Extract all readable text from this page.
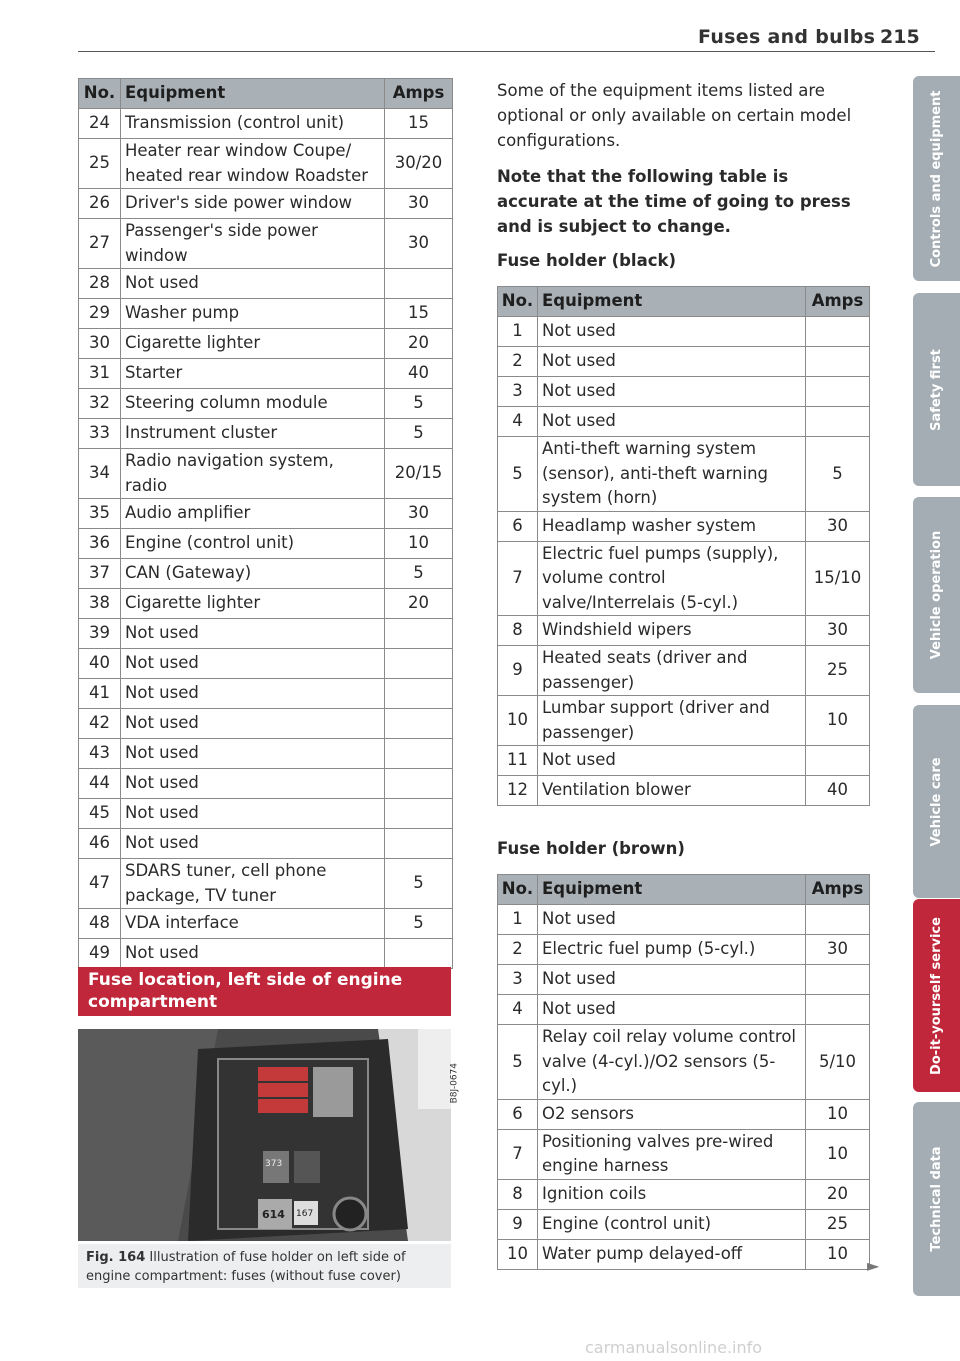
Fuses and bulbs 215
No.	Equipment	Amps
24	Transmission (control unit)	15
25	Heater rear window Coupe/ heated rear window Roadster	30/20
26	Driver's side power window	30
27	Passenger's side power window	30
28	Not used	
29	Washer pump	15
30	Cigarette lighter	20
31	Starter	40
32	Steering column module	5
33	Instrument cluster	5
34	Radio navigation system, radio	20/15
35	Audio amplifier	30
36	Engine (control unit)	10
37	CAN (Gateway)	5
38	Cigarette lighter	20
39	Not used	
40	Not used	
41	Not used	
42	Not used	
43	Not used	
44	Not used	
45	Not used	
46	Not used	
47	SDARS tuner, cell phone package, TV tuner	5
48	VDA interface	5
49	Not used	
Fuse location, left side of engine compartment
B8J-0674
373
614 167
Fig. 164 Illustration of fuse holder on left side of engine compartment: fuses (without fuse cover)
Some of the equipment items listed are optional or only available on certain model configurations.
Note that the following table is accurate at the time of going to press and is subject to change.
Fuse holder (black)
No.	Equipment	Amps
1	Not used	
2	Not used	
3	Not used	
4	Not used	
5	Anti-theft warning system (sensor), anti-theft warning system (horn)	5
6	Headlamp washer system	30
7	Electric fuel pumps (supply), volume control valve/Interrelais (5-cyl.)	15/10
8	Windshield wipers	30
9	Heated seats (driver and passenger)	25
10	Lumbar support (driver and passenger)	10
11	Not used	
12	Ventilation blower	40
Fuse holder (brown)
No.	Equipment	Amps
1	Not used	
2	Electric fuel pump (5-cyl.)	30
3	Not used	
4	Not used	
5	Relay coil relay volume control valve (4-cyl.)/O2 sensors (5-cyl.)	5/10
6	O2 sensors	10
7	Positioning valves pre-wired engine harness	10
8	Ignition coils	20
9	Engine (control unit)	25
10	Water pump delayed-off	10
►
Controls and equipment
Safety first
Vehicle operation
Vehicle care
Do-it-yourself service
Technical data
carmanualsonline.info
